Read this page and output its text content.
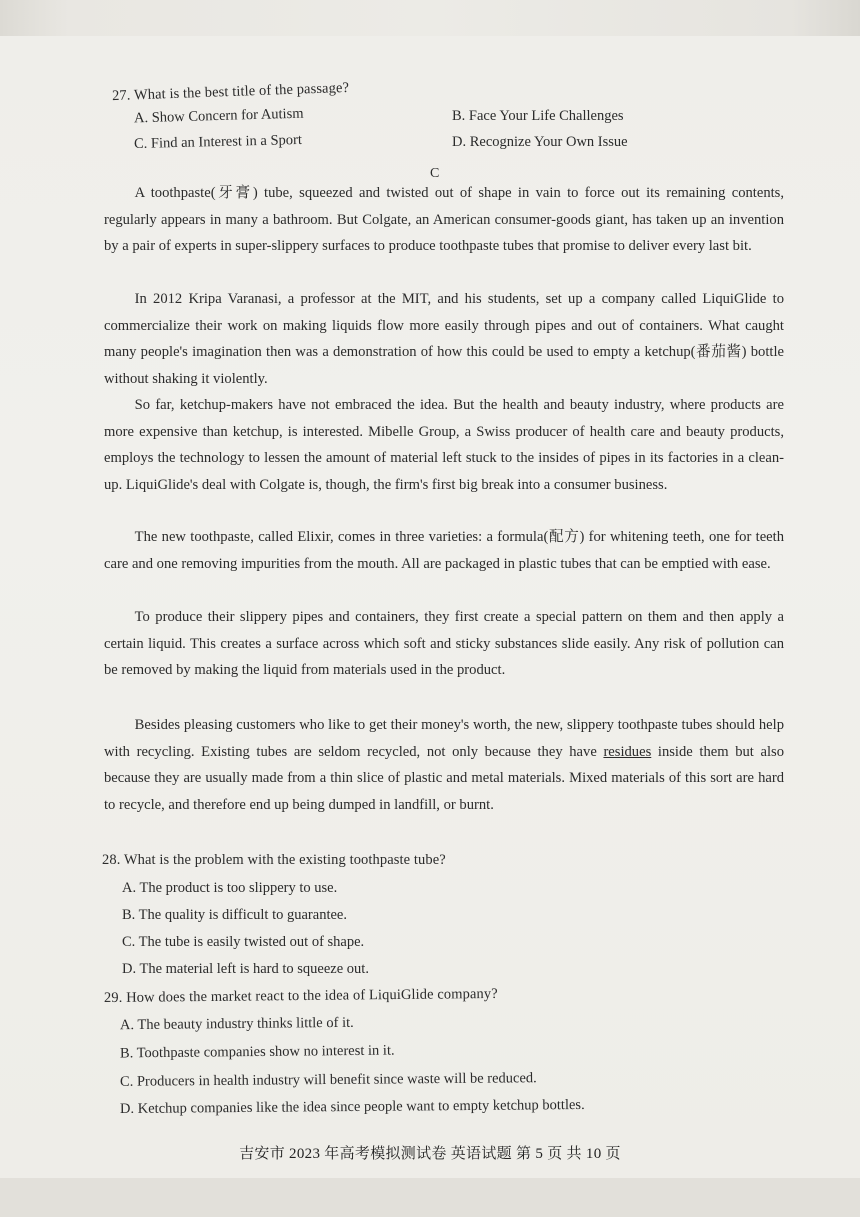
27. What is the best title of the passage?
A. Show Concern for Autism	B. Face Your Life Challenges
C. Find an Interest in a Sport	D. Recognize Your Own Issue
C
A toothpaste(牙膏) tube, squeezed and twisted out of shape in vain to force out its remaining contents, regularly appears in many a bathroom. But Colgate, an American consumer-goods giant, has taken up an invention by a pair of experts in super-slippery surfaces to produce toothpaste tubes that promise to deliver every last bit.
In 2012 Kripa Varanasi, a professor at the MIT, and his students, set up a company called LiquiGlide to commercialize their work on making liquids flow more easily through pipes and out of containers. What caught many people's imagination then was a demonstration of how this could be used to empty a ketchup(番茄酱) bottle without shaking it violently.
So far, ketchup-makers have not embraced the idea. But the health and beauty industry, where products are more expensive than ketchup, is interested. Mibelle Group, a Swiss producer of health care and beauty products, employs the technology to lessen the amount of material left stuck to the insides of pipes in its factories in a clean-up. LiquiGlide's deal with Colgate is, though, the firm's first big break into a consumer business.
The new toothpaste, called Elixir, comes in three varieties: a formula(配方) for whitening teeth, one for teeth care and one removing impurities from the mouth. All are packaged in plastic tubes that can be emptied with ease.
To produce their slippery pipes and containers, they first create a special pattern on them and then apply a certain liquid. This creates a surface across which soft and sticky substances slide easily. Any risk of pollution can be removed by making the liquid from materials used in the product.
Besides pleasing customers who like to get their money's worth, the new, slippery toothpaste tubes should help with recycling. Existing tubes are seldom recycled, not only because they have residues inside them but also because they are usually made from a thin slice of plastic and metal materials. Mixed materials of this sort are hard to recycle, and therefore end up being dumped in landfill, or burnt.
28. What is the problem with the existing toothpaste tube?
A. The product is too slippery to use.
B. The quality is difficult to guarantee.
C. The tube is easily twisted out of shape.
D. The material left is hard to squeeze out.
29. How does the market react to the idea of LiquiGlide company?
A. The beauty industry thinks little of it.
B. Toothpaste companies show no interest in it.
C. Producers in health industry will benefit since waste will be reduced.
D. Ketchup companies like the idea since people want to empty ketchup bottles.
吉安市 2023 年高考模拟测试卷 英语试题 第 5 页 共 10 页
